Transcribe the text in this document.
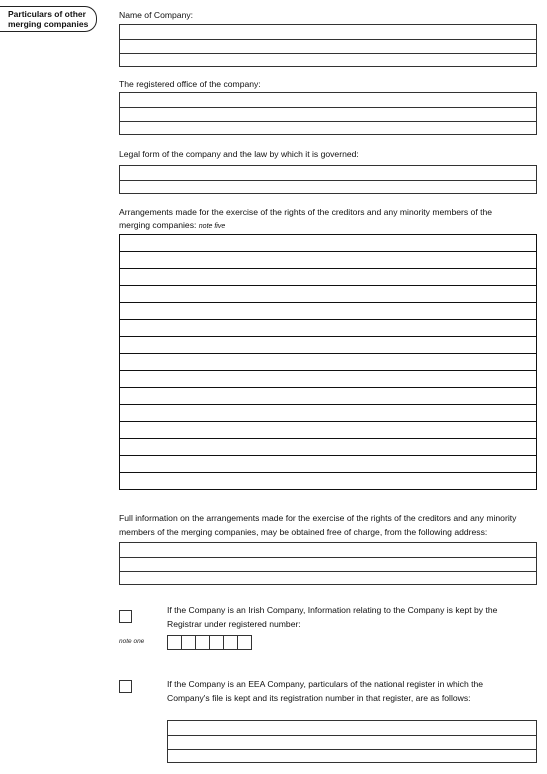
Particulars of other
merging companies
Name of Company:
The registered office of the company:
Legal form of the company and the law by which it is governed:
Arrangements made for the exercise of the rights of the creditors and any minority members of the
merging companies: note five
Full information on the arrangements made for the exercise of the rights of the creditors and any minority
members of the merging companies, may be obtained free of charge, from the following address:
If the Company is an Irish Company, Information relating to the Company is kept by the
Registrar under registered number:
note one
If the Company is an EEA Company, particulars of the national register in which the
Company's file is kept and its registration number in that register, are as follows:
